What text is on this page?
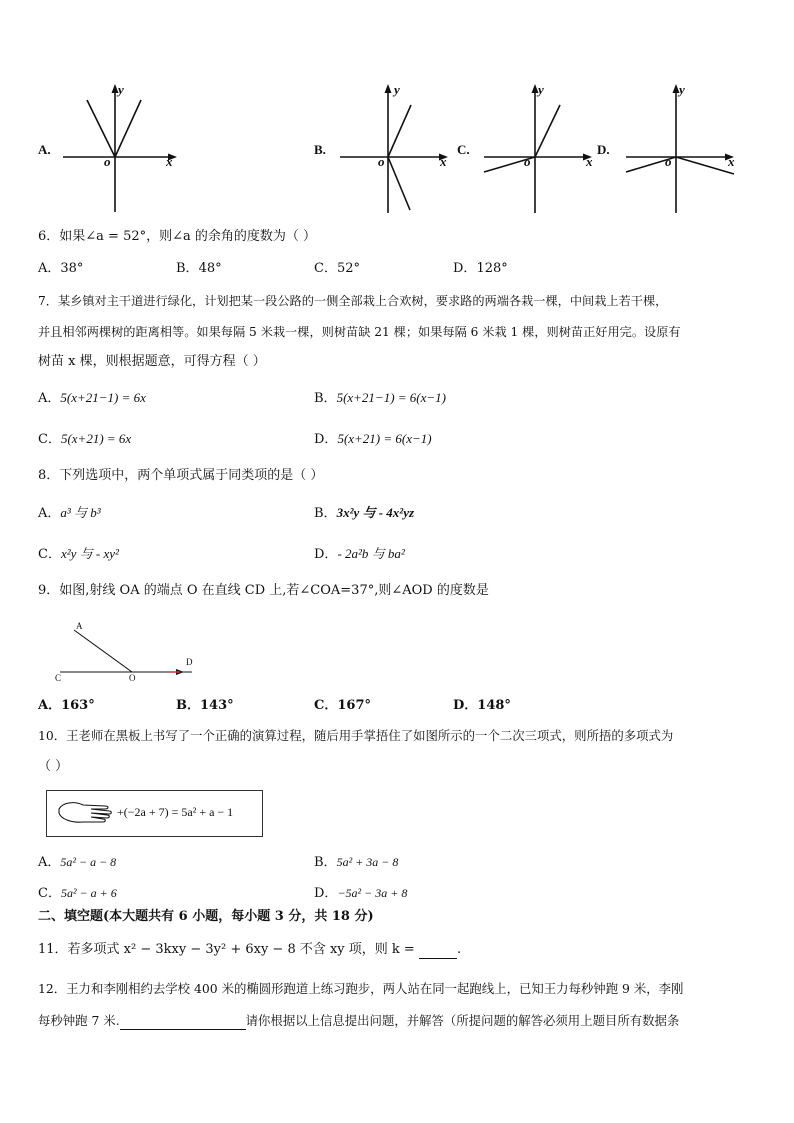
A.
y
o	x
B.
y
o	x
C.
y
o	x
D.
y
o	x
6．如果∠a = 52°，则∠a 的余角的度数为（ ）
A．38°	B．48°	C．52°	D．128°
7．某乡镇对主干道进行绿化，计划把某一段公路的一侧全部栽上合欢树，要求路的两端各栽一棵，中间栽上若干棵，
并且相邻两棵树的距离相等。如果每隔 5 米栽一棵，则树苗缺 21 棵；如果每隔 6 米栽 1 棵，则树苗正好用完。设原有
树苗 x 棵，则根据题意，可得方程（ ）
A．5(x+21−1) = 6x	B．5(x+21−1) = 6(x−1)
C．5(x+21) = 6x	D．5(x+21) = 6(x−1)
8．下列选项中，两个单项式属于同类项的是（ ）
A．a³ 与 b³	B．3x²y 与 - 4x²yz
C．x²y 与 - xy²	D．- 2a²b 与 ba²
9．如图,射线 OA 的端点 O 在直线 CD 上,若∠COA=37°,则∠AOD 的度数是
A
C	O
D
A．163°	B．143°	C．167°	D．148°
10．王老师在黑板上书写了一个正确的演算过程，随后用手掌捂住了如图所示的一个二次三项式，则所捂的多项式为
（ ）
+(−2a + 7) = 5a² + a − 1
A．5a² − a − 8	B．5a² + 3a − 8
C．5a² − a + 6	D．−5a² − 3a + 8
二、填空题(本大题共有 6 小题，每小题 3 分，共 18 分)
11．若多项式 x² − 3kxy − 3y² + 6xy − 8 不含 xy 项，则 k =	.
12．王力和李刚相约去学校 400 米的椭圆形跑道上练习跑步，两人站在同一起跑线上，已知王力每秒钟跑 9 米，李刚
每秒钟跑 7 米.	请你根据以上信息提出问题，并解答（所提问题的解答必须用上题目所有数据条
